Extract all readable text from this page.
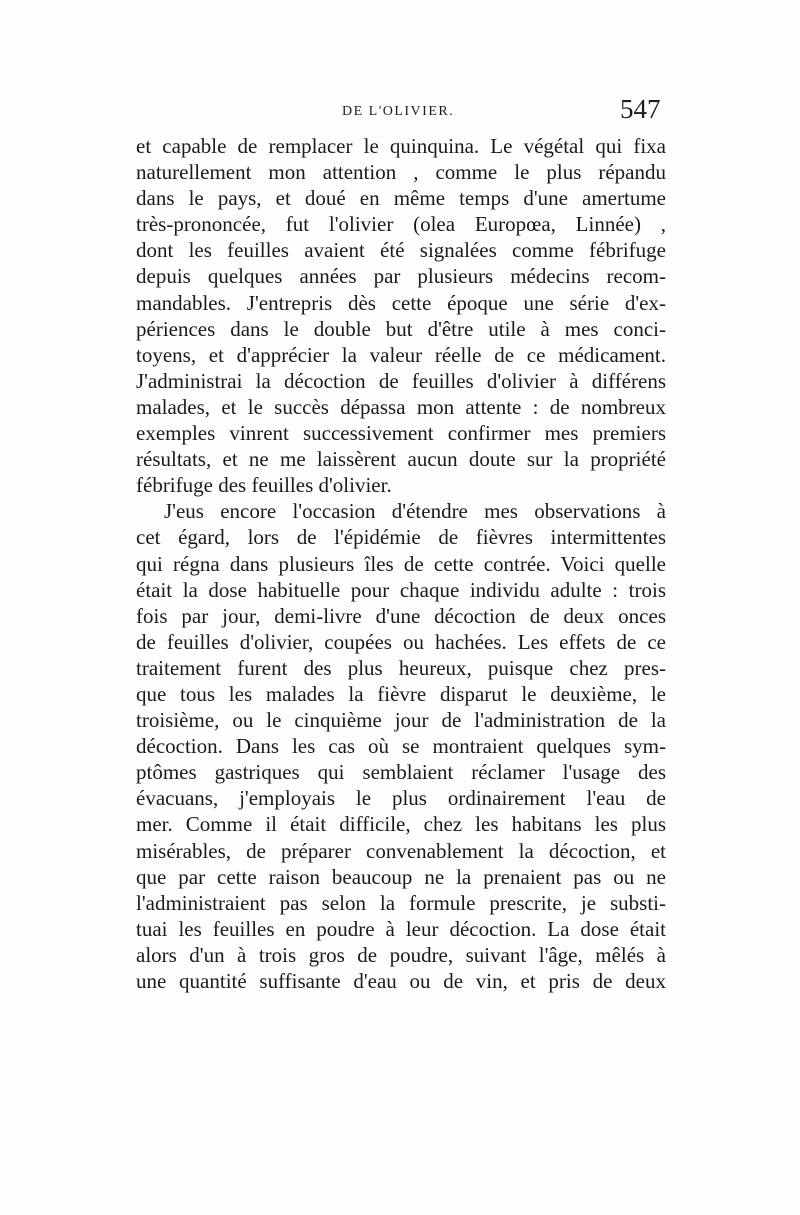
DE L'OLIVIER.	547
et capable de remplacer le quinquina. Le végétal qui fixa
naturellement mon attention , comme le plus répandu
dans le pays, et doué en même temps d'une amertume
très-prononcée, fut l'olivier (olea Europœa, Linnée) ,
dont les feuilles avaient été signalées comme fébrifuge
depuis quelques années par plusieurs médecins recom-
mandables. J'entrepris dès cette époque une série d'ex-
périences dans le double but d'être utile à mes conci-
toyens, et d'apprécier la valeur réelle de ce médicament.
J'administrai la décoction de feuilles d'olivier à différens
malades, et le succès dépassa mon attente : de nombreux
exemples vinrent successivement confirmer mes premiers
résultats, et ne me laissèrent aucun doute sur la propriété
fébrifuge des feuilles d'olivier.
J'eus encore l'occasion d'étendre mes observations à
cet égard, lors de l'épidémie de fièvres intermittentes
qui régna dans plusieurs îles de cette contrée. Voici quelle
était la dose habituelle pour chaque individu adulte : trois
fois par jour, demi-livre d'une décoction de deux onces
de feuilles d'olivier, coupées ou hachées. Les effets de ce
traitement furent des plus heureux, puisque chez pres-
que tous les malades la fièvre disparut le deuxième, le
troisième, ou le cinquième jour de l'administration de la
décoction. Dans les cas où se montraient quelques sym-
ptômes gastriques qui semblaient réclamer l'usage des
évacuans, j'employais le plus ordinairement l'eau de
mer. Comme il était difficile, chez les habitans les plus
misérables, de préparer convenablement la décoction, et
que par cette raison beaucoup ne la prenaient pas ou ne
l'administraient pas selon la formule prescrite, je substi-
tuai les feuilles en poudre à leur décoction. La dose était
alors d'un à trois gros de poudre, suivant l'âge, mêlés à
une quantité suffisante d'eau ou de vin, et pris de deux
